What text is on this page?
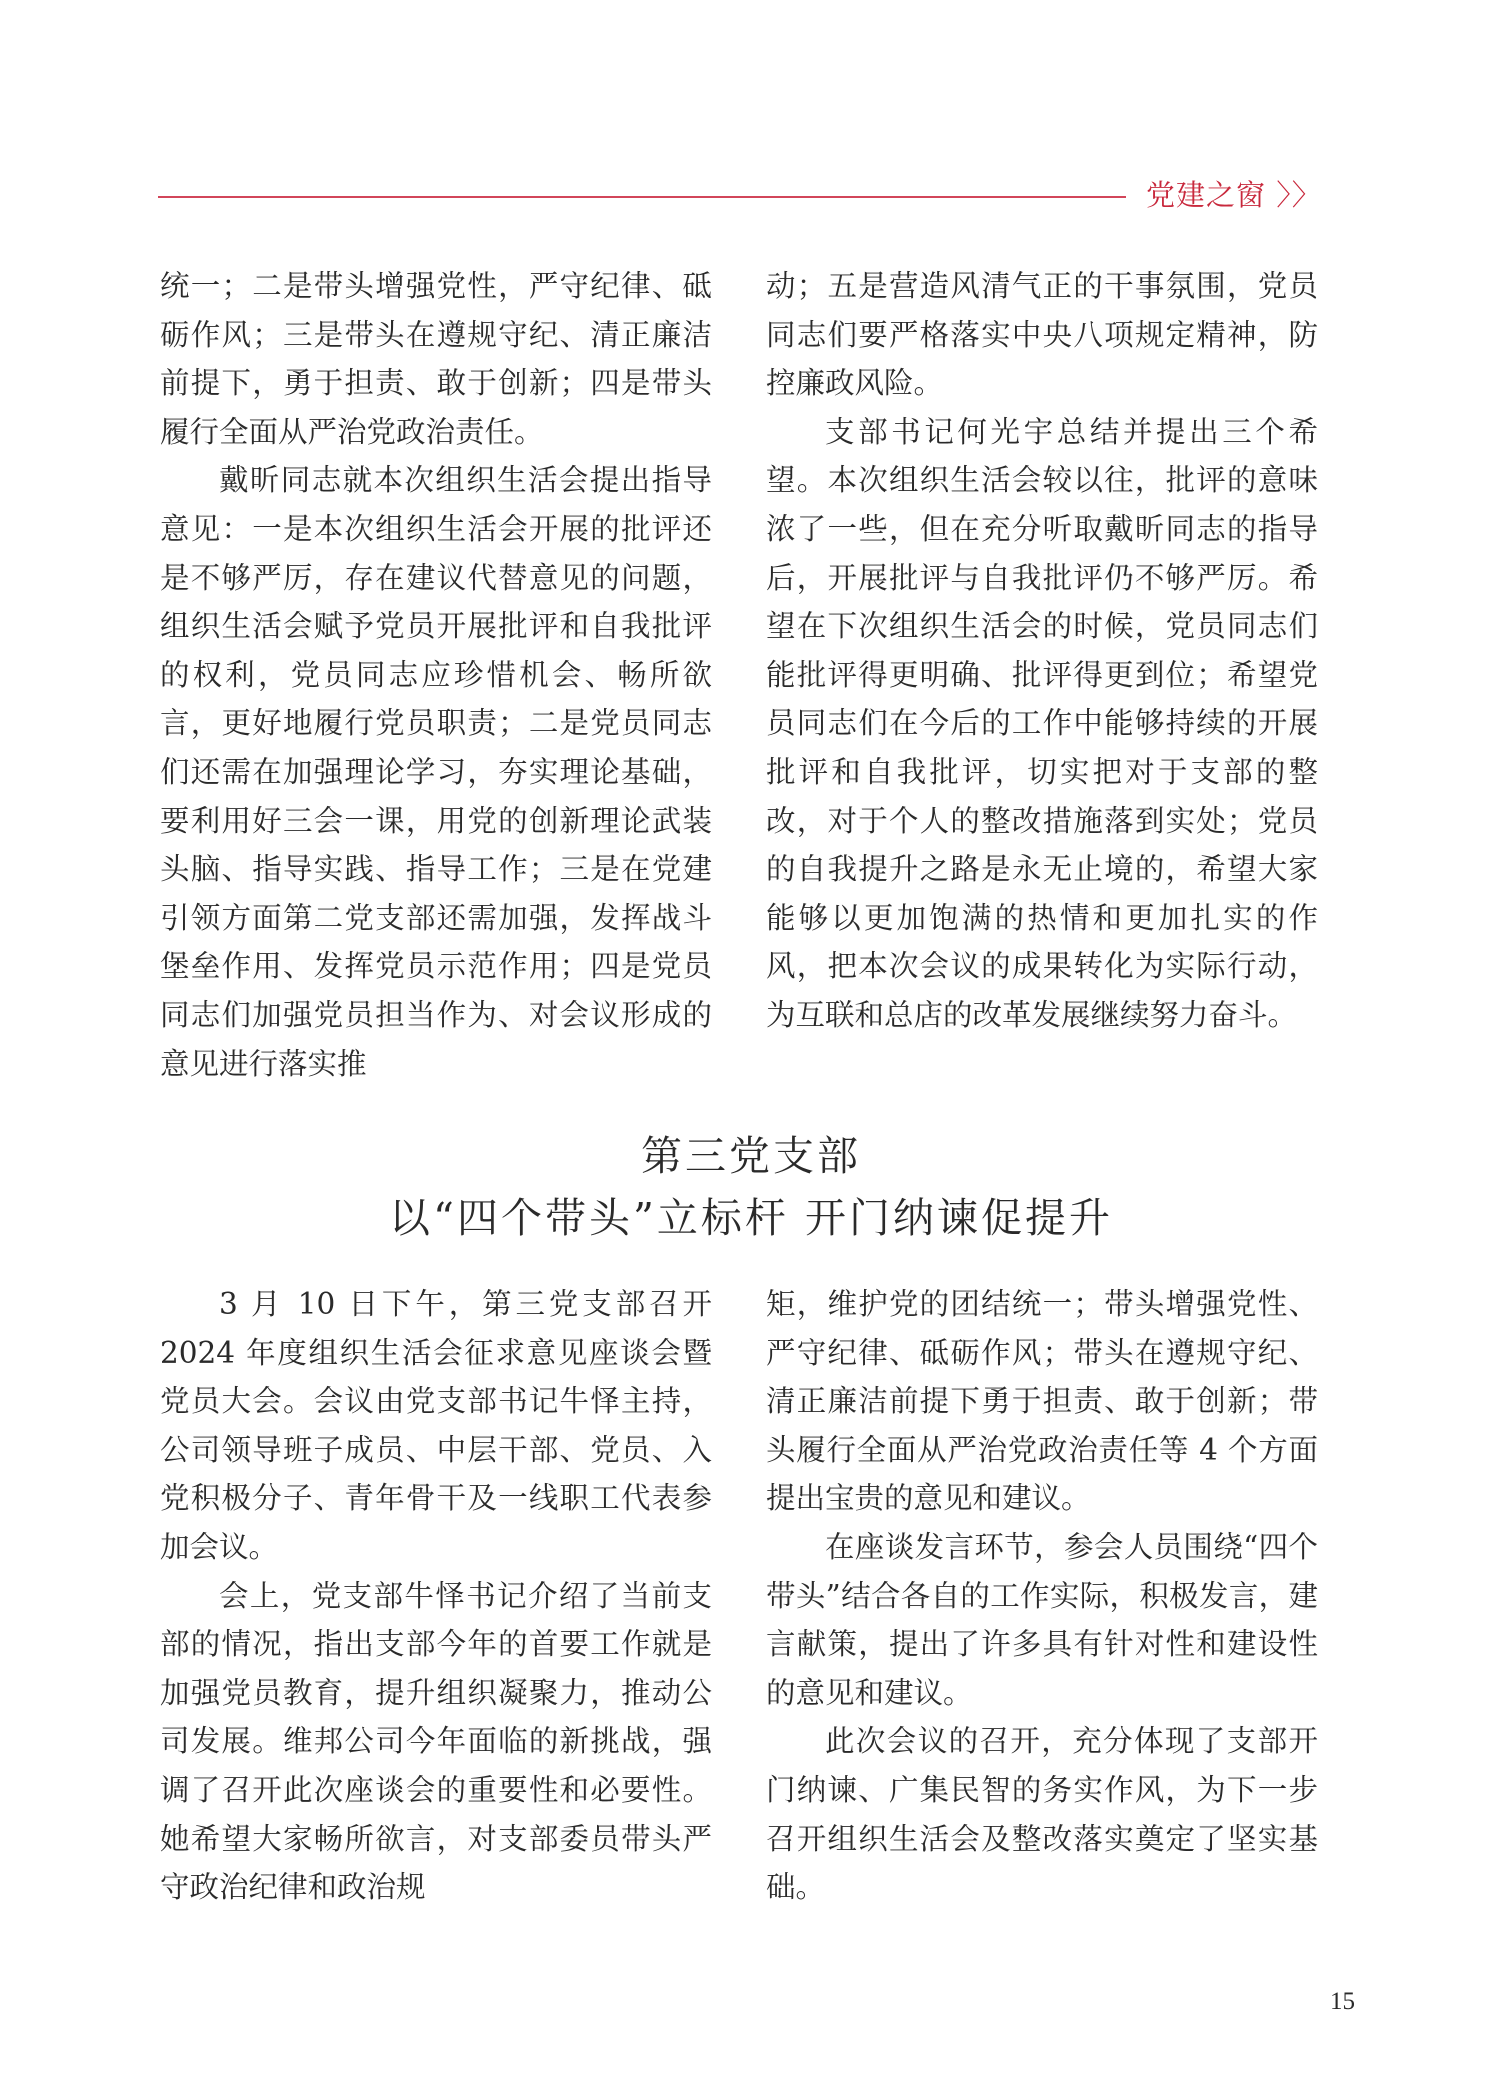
党建之窗 〉〉

统一；二是带头增强党性，严守纪律、砥砺作风；三是带头在遵规守纪、清正廉洁前提下，勇于担责、敢于创新；四是带头履行全面从严治党政治责任。

戴昕同志就本次组织生活会提出指导意见：一是本次组织生活会开展的批评还是不够严厉，存在建议代替意见的问题，组织生活会赋予党员开展批评和自我批评的权利，党员同志应珍惜机会、畅所欲言，更好地履行党员职责；二是党员同志们还需在加强理论学习，夯实理论基础，要利用好三会一课，用党的创新理论武装头脑、指导实践、指导工作；三是在党建引领方面第二党支部还需加强，发挥战斗堡垒作用、发挥党员示范作用；四是党员同志们加强党员担当作为、对会议形成的意见进行落实推

动；五是营造风清气正的干事氛围，党员同志们要严格落实中央八项规定精神，防控廉政风险。

支部书记何光宇总结并提出三个希望。本次组织生活会较以往，批评的意味浓了一些，但在充分听取戴昕同志的指导后，开展批评与自我批评仍不够严厉。希望在下次组织生活会的时候，党员同志们能批评得更明确、批评得更到位；希望党员同志们在今后的工作中能够持续的开展批评和自我批评，切实把对于支部的整改，对于个人的整改措施落到实处；党员的自我提升之路是永无止境的，希望大家能够以更加饱满的热情和更加扎实的作风，把本次会议的成果转化为实际行动，为互联和总店的改革发展继续努力奋斗。

第三党支部
以“四个带头”立标杆 开门纳谏促提升

3 月 10 日下午，第三党支部召开 2024 年度组织生活会征求意见座谈会暨党员大会。会议由党支部书记牛怿主持，公司领导班子成员、中层干部、党员、入党积极分子、青年骨干及一线职工代表参加会议。

会上，党支部牛怿书记介绍了当前支部的情况，指出支部今年的首要工作就是加强党员教育，提升组织凝聚力，推动公司发展。维邦公司今年面临的新挑战，强调了召开此次座谈会的重要性和必要性。她希望大家畅所欲言，对支部委员带头严守政治纪律和政治规

矩，维护党的团结统一；带头增强党性、严守纪律、砥砺作风；带头在遵规守纪、清正廉洁前提下勇于担责、敢于创新；带头履行全面从严治党政治责任等 4 个方面提出宝贵的意见和建议。

在座谈发言环节，参会人员围绕“四个带头”结合各自的工作实际，积极发言，建言献策，提出了许多具有针对性和建设性的意见和建议。

此次会议的召开，充分体现了支部开门纳谏、广集民智的务实作风，为下一步召开组织生活会及整改落实奠定了坚实基础。

15
